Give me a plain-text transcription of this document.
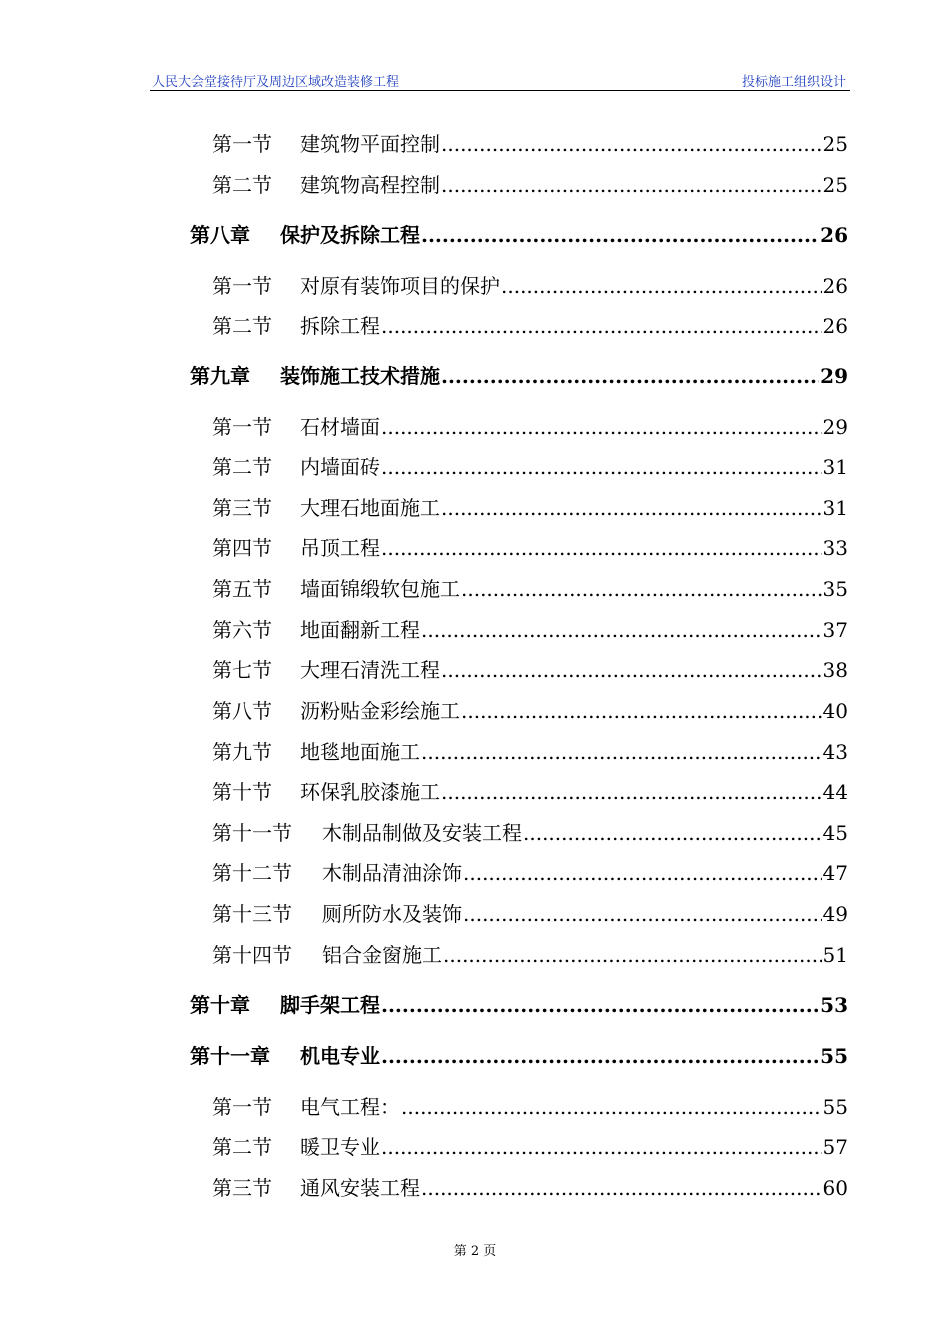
人民大会堂接待厅及周边区域改造装修工程	投标施工组织设计
第一节	建筑物平面控制 .....	25
第二节	建筑物高程控制 .....	25
第八章	保护及拆除工程 .....	26
第一节	对原有装饰项目的保护 .....	26
第二节	拆除工程 .....	26
第九章	装饰施工技术措施 .....	29
第一节	石材墙面 .....	29
第二节	内墙面砖 .....	31
第三节	大理石地面施工 .....	31
第四节	吊顶工程 .....	33
第五节	墙面锦缎软包施工 .....	35
第六节	地面翻新工程 .....	37
第七节	大理石清洗工程 .....	38
第八节	沥粉贴金彩绘施工 .....	40
第九节	地毯地面施工 .....	43
第十节	环保乳胶漆施工 .....	44
第十一节	木制品制做及安装工程 .....	45
第十二节	木制品清油涂饰 .....	47
第十三节	厕所防水及装饰 .....	49
第十四节	铝合金窗施工 .....	51
第十章	脚手架工程 .....	53
第十一章	机电专业 .....	55
第一节	电气工程： .....	55
第二节	暖卫专业 .....	57
第三节	通风安装工程 .....	60
第 2 页
